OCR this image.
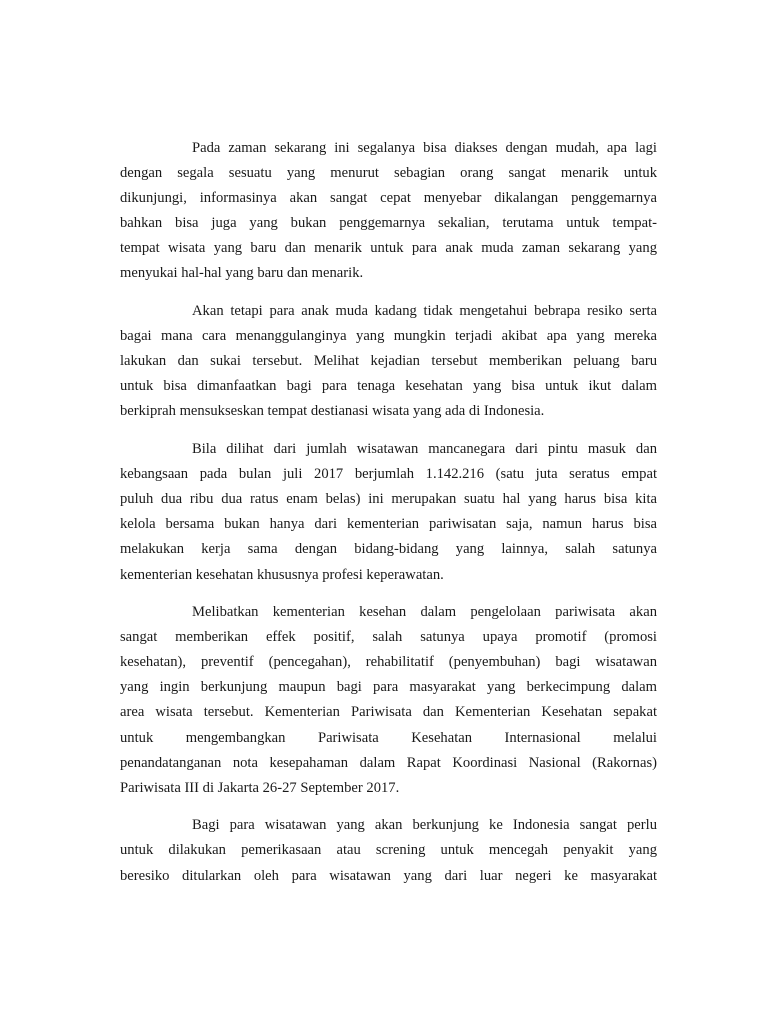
Pada zaman sekarang ini segalanya bisa diakses dengan mudah, apa lagi
dengan segala sesuatu yang menurut sebagian orang sangat menarik untuk
dikunjungi, informasinya akan sangat cepat menyebar dikalangan penggemarnya
bahkan bisa juga yang bukan penggemarnya sekalian, terutama untuk tempat-
tempat wisata yang baru dan menarik untuk para anak muda zaman sekarang yang
menyukai hal-hal yang baru dan menarik.
Akan tetapi para anak muda kadang tidak mengetahui bebrapa resiko serta
bagai mana cara menanggulanginya yang mungkin terjadi akibat apa yang mereka
lakukan dan sukai tersebut. Melihat kejadian tersebut memberikan peluang baru
untuk bisa dimanfaatkan bagi para tenaga kesehatan yang bisa untuk ikut dalam
berkiprah mensukseskan tempat destianasi wisata yang ada di Indonesia.
Bila dilihat dari jumlah wisatawan mancanegara dari pintu masuk dan
kebangsaan pada bulan juli 2017 berjumlah 1.142.216 (satu juta seratus empat
puluh dua ribu dua ratus enam belas) ini merupakan suatu hal yang harus bisa kita
kelola bersama bukan hanya dari kementerian pariwisatan saja, namun harus bisa
melakukan kerja sama dengan bidang-bidang yang lainnya, salah satunya
kementerian kesehatan khususnya profesi keperawatan.
Melibatkan kementerian kesehan dalam pengelolaan pariwisata akan
sangat memberikan effek positif, salah satunya upaya promotif (promosi
kesehatan), preventif (pencegahan), rehabilitatif (penyembuhan) bagi wisatawan
yang ingin berkunjung maupun bagi para masyarakat yang berkecimpung dalam
area wisata tersebut. Kementerian Pariwisata dan Kementerian Kesehatan sepakat
untuk mengembangkan Pariwisata Kesehatan Internasional melalui
penandatanganan nota kesepahaman dalam Rapat Koordinasi Nasional (Rakornas)
Pariwisata III di Jakarta 26-27 September 2017.
Bagi para wisatawan yang akan berkunjung ke Indonesia sangat perlu
untuk dilakukan pemerikasaan atau screning untuk mencegah penyakit yang
beresiko ditularkan oleh para wisatawan yang dari luar negeri ke masyarakat
